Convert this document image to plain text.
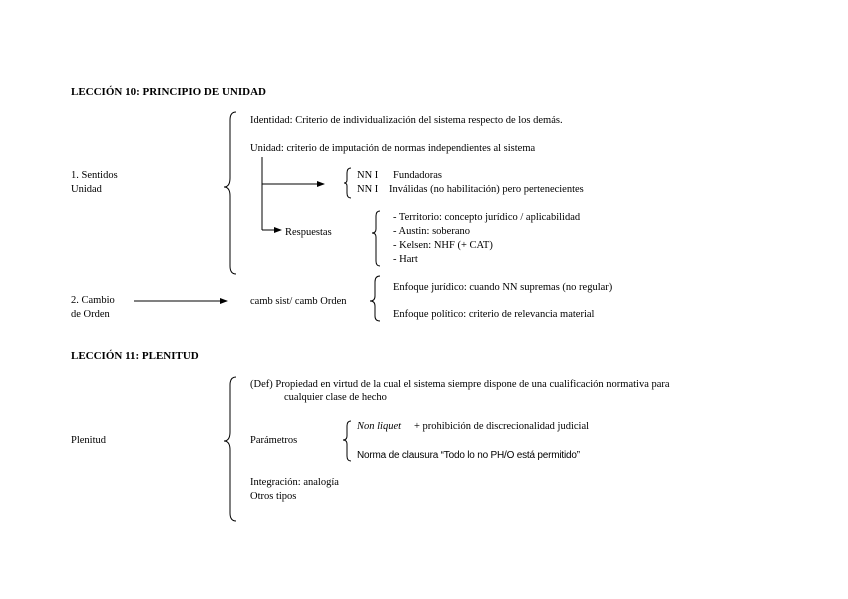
LECCIÓN 10: PRINCIPIO DE UNIDAD
Identidad: Criterio de individualización del sistema respecto de los demás.
Unidad: criterio de imputación de normas independientes al sistema
1. Sentidos
Unidad
NN I Fundadoras
NN I Inválidas (no habilitación) pero pertenecientes
Respuestas
- Territorio: concepto jurídico / aplicabilidad
- Austin: soberano
- Kelsen: NHF (+ CAT)
- Hart
2. Cambio
de Orden
camb sist/ camb Orden
Enfoque jurídico: cuando NN supremas (no regular)
Enfoque político: criterio de relevancia material
LECCIÓN 11: PLENITUD
(Def) Propiedad en virtud de la cual el sistema siempre dispone de una cualificación normativa para
cualquier clase de hecho
Plenitud	Parámetros
Non liquet + prohibición de discrecionalidad judicial
Norma de clausura “Todo lo no PH/O está permitido”
Integración: analogía
Otros tipos
